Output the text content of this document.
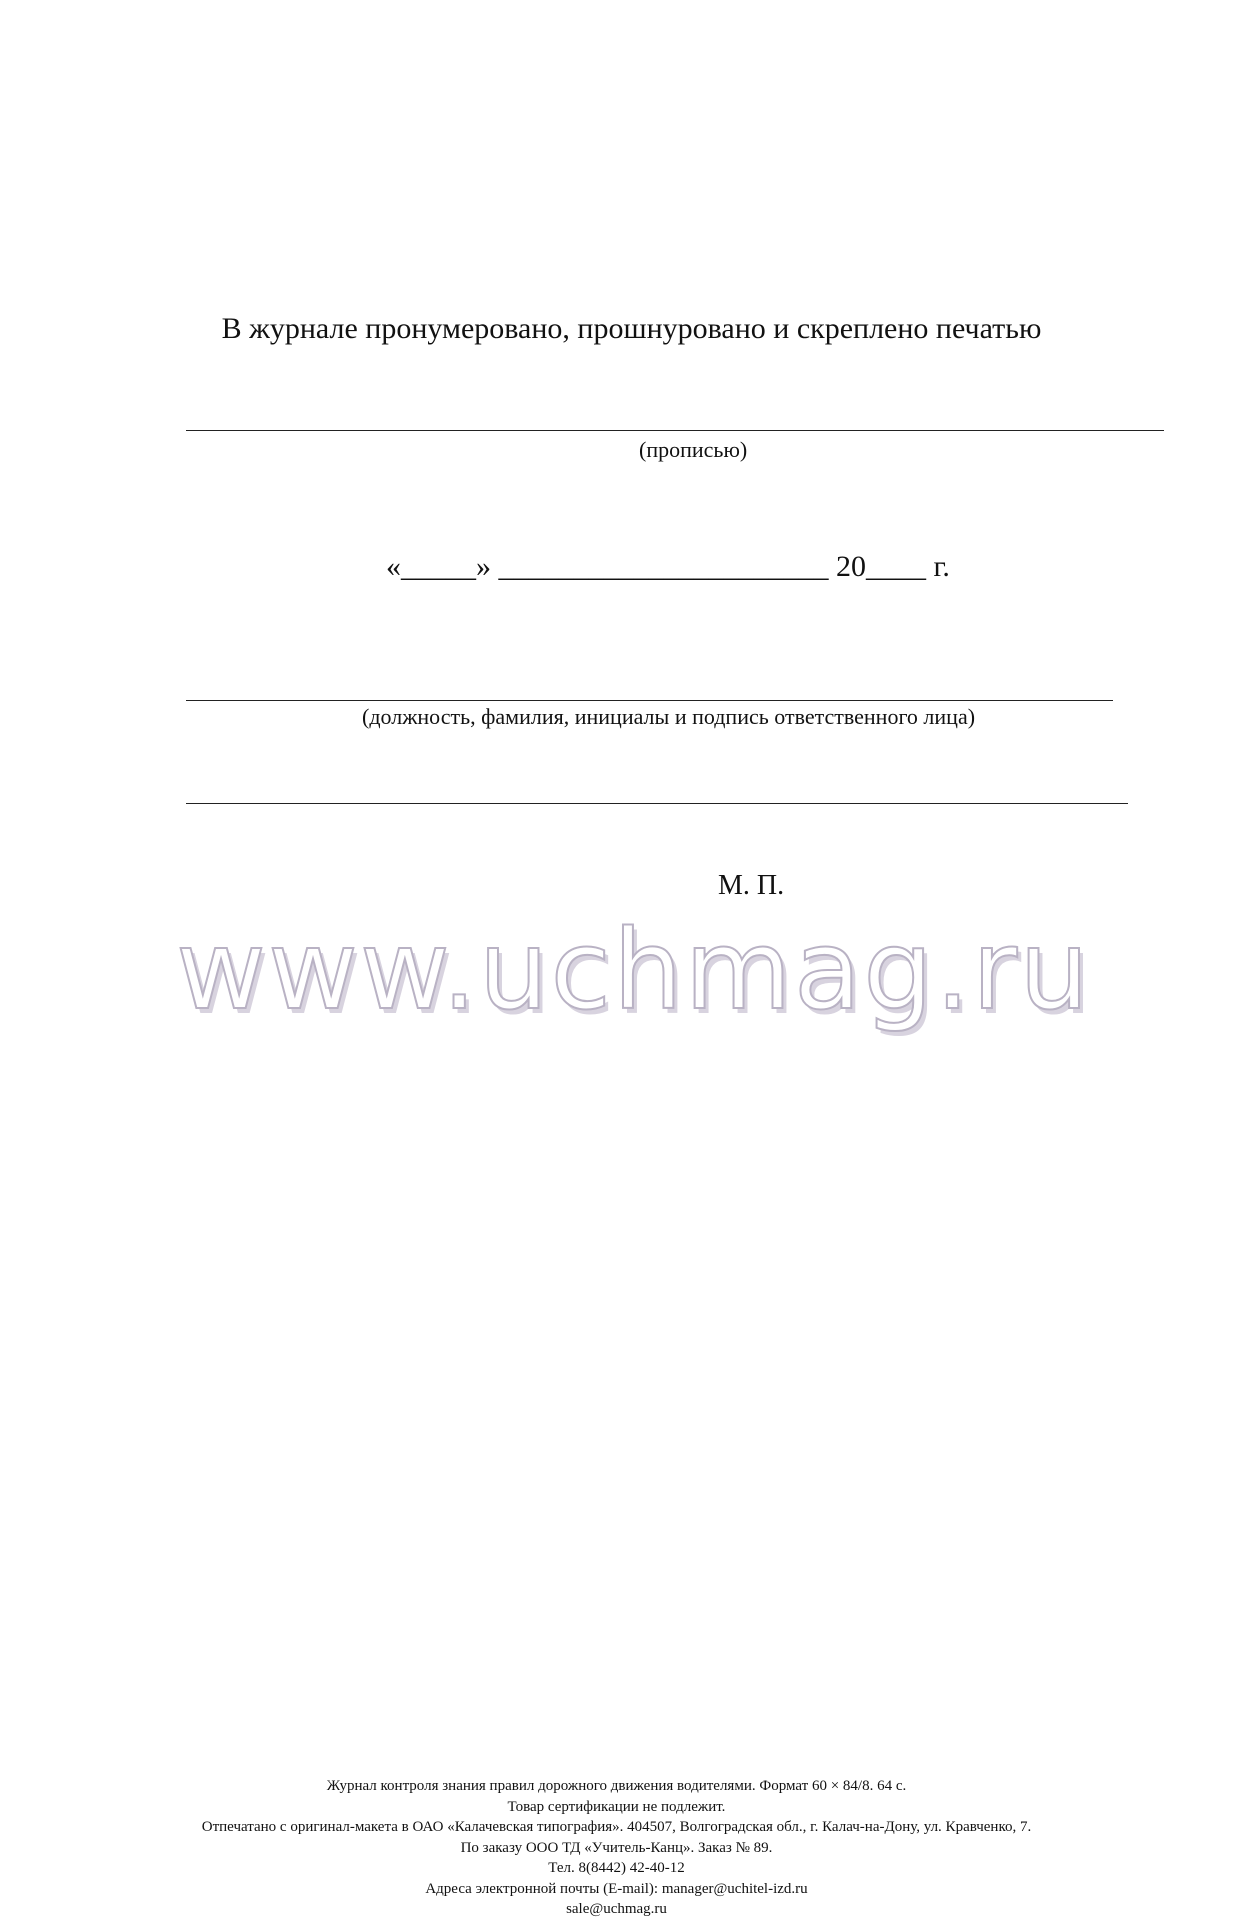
В журнале пронумеровано, прошнуровано и скреплено печатью
(прописью)
«_____» ______________________ 20____ г.
(должность, фамилия, инициалы и подпись ответственного лица)
М. П.
www.uchmag.ru
Журнал контроля знания правил дорожного движения водителями. Формат 60 × 84/8. 64 с.
Товар сертификации не подлежит.
Отпечатано с оригинал-макета в ОАО «Калачевская типография». 404507, Волгоградская обл., г. Калач-на-Дону, ул. Кравченко, 7.
По заказу ООО ТД «Учитель-Канц». Заказ № 89.
Тел. 8(8442) 42-40-12
Адреса электронной почты (E-mail): manager@uchitel-izd.ru
sale@uchmag.ru
